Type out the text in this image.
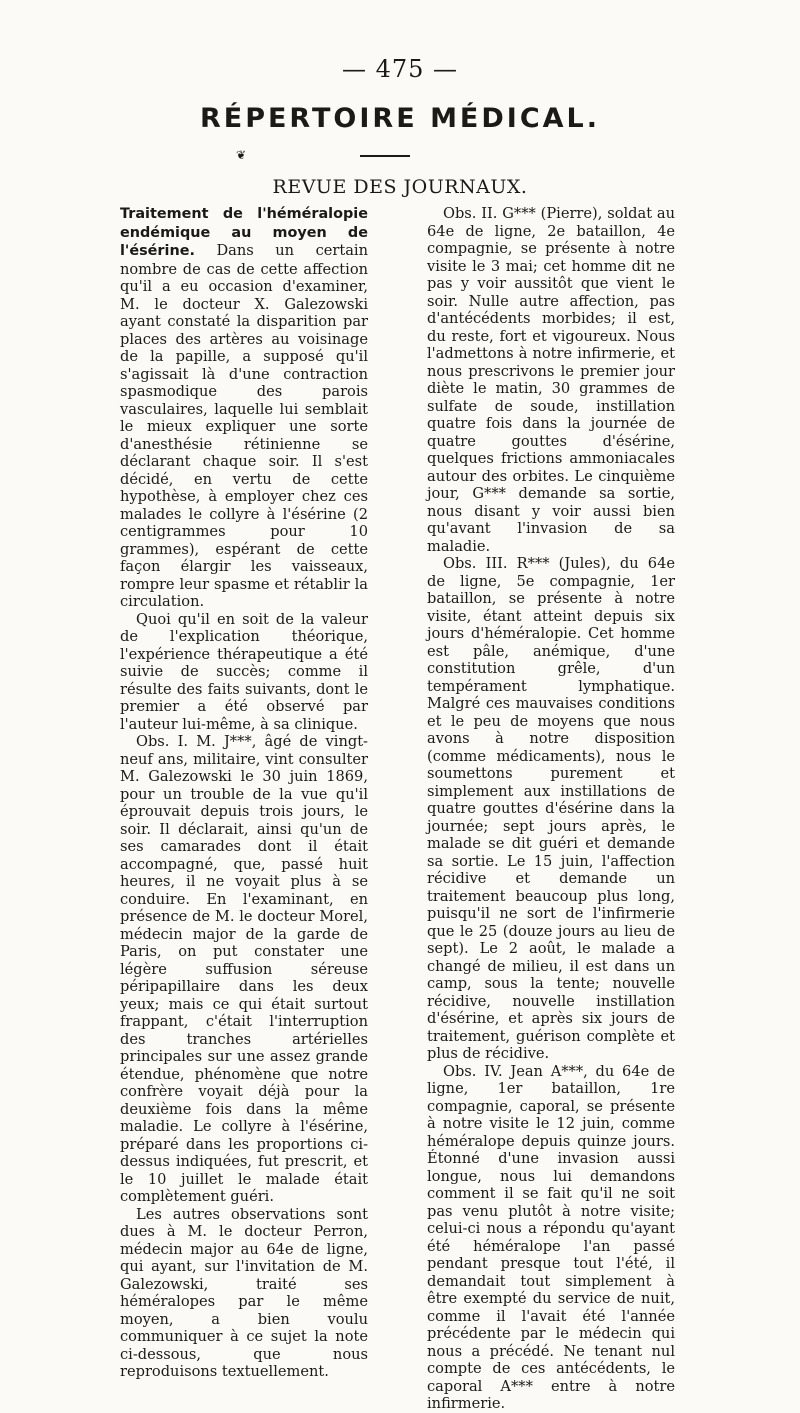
— 475 —
RÉPERTOIRE MÉDICAL.
❦
REVUE DES JOURNAUX.

Traitement de l'héméralopie endémique au moyen de l'ésérine. Dans un certain nombre de cas de cette affection qu'il a eu occasion d'examiner, M. le docteur X. Galezowski ayant constaté la disparition par places des artères au voisinage de la papille, a supposé qu'il s'agissait là d'une contraction spasmodique des parois vasculaires, laquelle lui semblait le mieux expliquer une sorte d'anesthésie rétinienne se déclarant chaque soir. Il s'est décidé, en vertu de cette hypothèse, à employer chez ces malades le collyre à l'ésérine (2 centigrammes pour 10 grammes), espérant de cette façon élargir les vaisseaux, rompre leur spasme et rétablir la circulation.

Quoi qu'il en soit de la valeur de l'explication théorique, l'expérience thérapeutique a été suivie de succès; comme il résulte des faits suivants, dont le premier a été observé par l'auteur lui-même, à sa clinique.

Obs. I. M. J***, âgé de vingt-neuf ans, militaire, vint consulter M. Galezowski le 30 juin 1869, pour un trouble de la vue qu'il éprouvait depuis trois jours, le soir. Il déclarait, ainsi qu'un de ses camarades dont il était accompagné, que, passé huit heures, il ne voyait plus à se conduire. En l'examinant, en présence de M. le docteur Morel, médecin major de la garde de Paris, on put constater une légère suffusion séreuse péripapillaire dans les deux yeux; mais ce qui était surtout frappant, c'était l'interruption des tranches artérielles principales sur une assez grande étendue, phénomène que notre confrère voyait déjà pour la deuxième fois dans la même maladie. Le collyre à l'ésérine, préparé dans les proportions ci-dessus indiquées, fut prescrit, et le 10 juillet le malade était complètement guéri.

Les autres observations sont dues à M. le docteur Perron, médecin major au 64e de ligne, qui ayant, sur l'invitation de M. Galezowski, traité ses héméralopes par le même moyen, a bien voulu communiquer à ce sujet la note ci-dessous, que nous reproduisons textuellement.

Obs. II. G*** (Pierre), soldat au 64e de ligne, 2e bataillon, 4e compagnie, se présente à notre visite le 3 mai; cet homme dit ne pas y voir aussitôt que vient le soir. Nulle autre affection, pas d'antécédents morbides; il est, du reste, fort et vigoureux. Nous l'admettons à notre infirmerie, et nous prescrivons le premier jour diète le matin, 30 grammes de sulfate de soude, instillation quatre fois dans la journée de quatre gouttes d'ésérine, quelques frictions ammoniacales autour des orbites. Le cinquième jour, G*** demande sa sortie, nous disant y voir aussi bien qu'avant l'invasion de sa maladie.

Obs. III. R*** (Jules), du 64e de ligne, 5e compagnie, 1er bataillon, se présente à notre visite, étant atteint depuis six jours d'héméralopie. Cet homme est pâle, anémique, d'une constitution grêle, d'un tempérament lymphatique. Malgré ces mauvaises conditions et le peu de moyens que nous avons à notre disposition (comme médicaments), nous le soumettons purement et simplement aux instillations de quatre gouttes d'ésérine dans la journée; sept jours après, le malade se dit guéri et demande sa sortie. Le 15 juin, l'affection récidive et demande un traitement beaucoup plus long, puisqu'il ne sort de l'infirmerie que le 25 (douze jours au lieu de sept). Le 2 août, le malade a changé de milieu, il est dans un camp, sous la tente; nouvelle récidive, nouvelle instillation d'ésérine, et après six jours de traitement, guérison complète et plus de récidive.

Obs. IV. Jean A***, du 64e de ligne, 1er bataillon, 1re compagnie, caporal, se présente à notre visite le 12 juin, comme héméralope depuis quinze jours. Étonné d'une invasion aussi longue, nous lui demandons comment il se fait qu'il ne soit pas venu plutôt à notre visite; celui-ci nous a répondu qu'ayant été héméralope l'an passé pendant presque tout l'été, il demandait tout simplement à être exempté du service de nuit, comme il l'avait été l'année précédente par le médecin qui nous a précédé. Ne tenant nul compte de ces antécédents, le caporal A*** entre à notre infirmerie.
